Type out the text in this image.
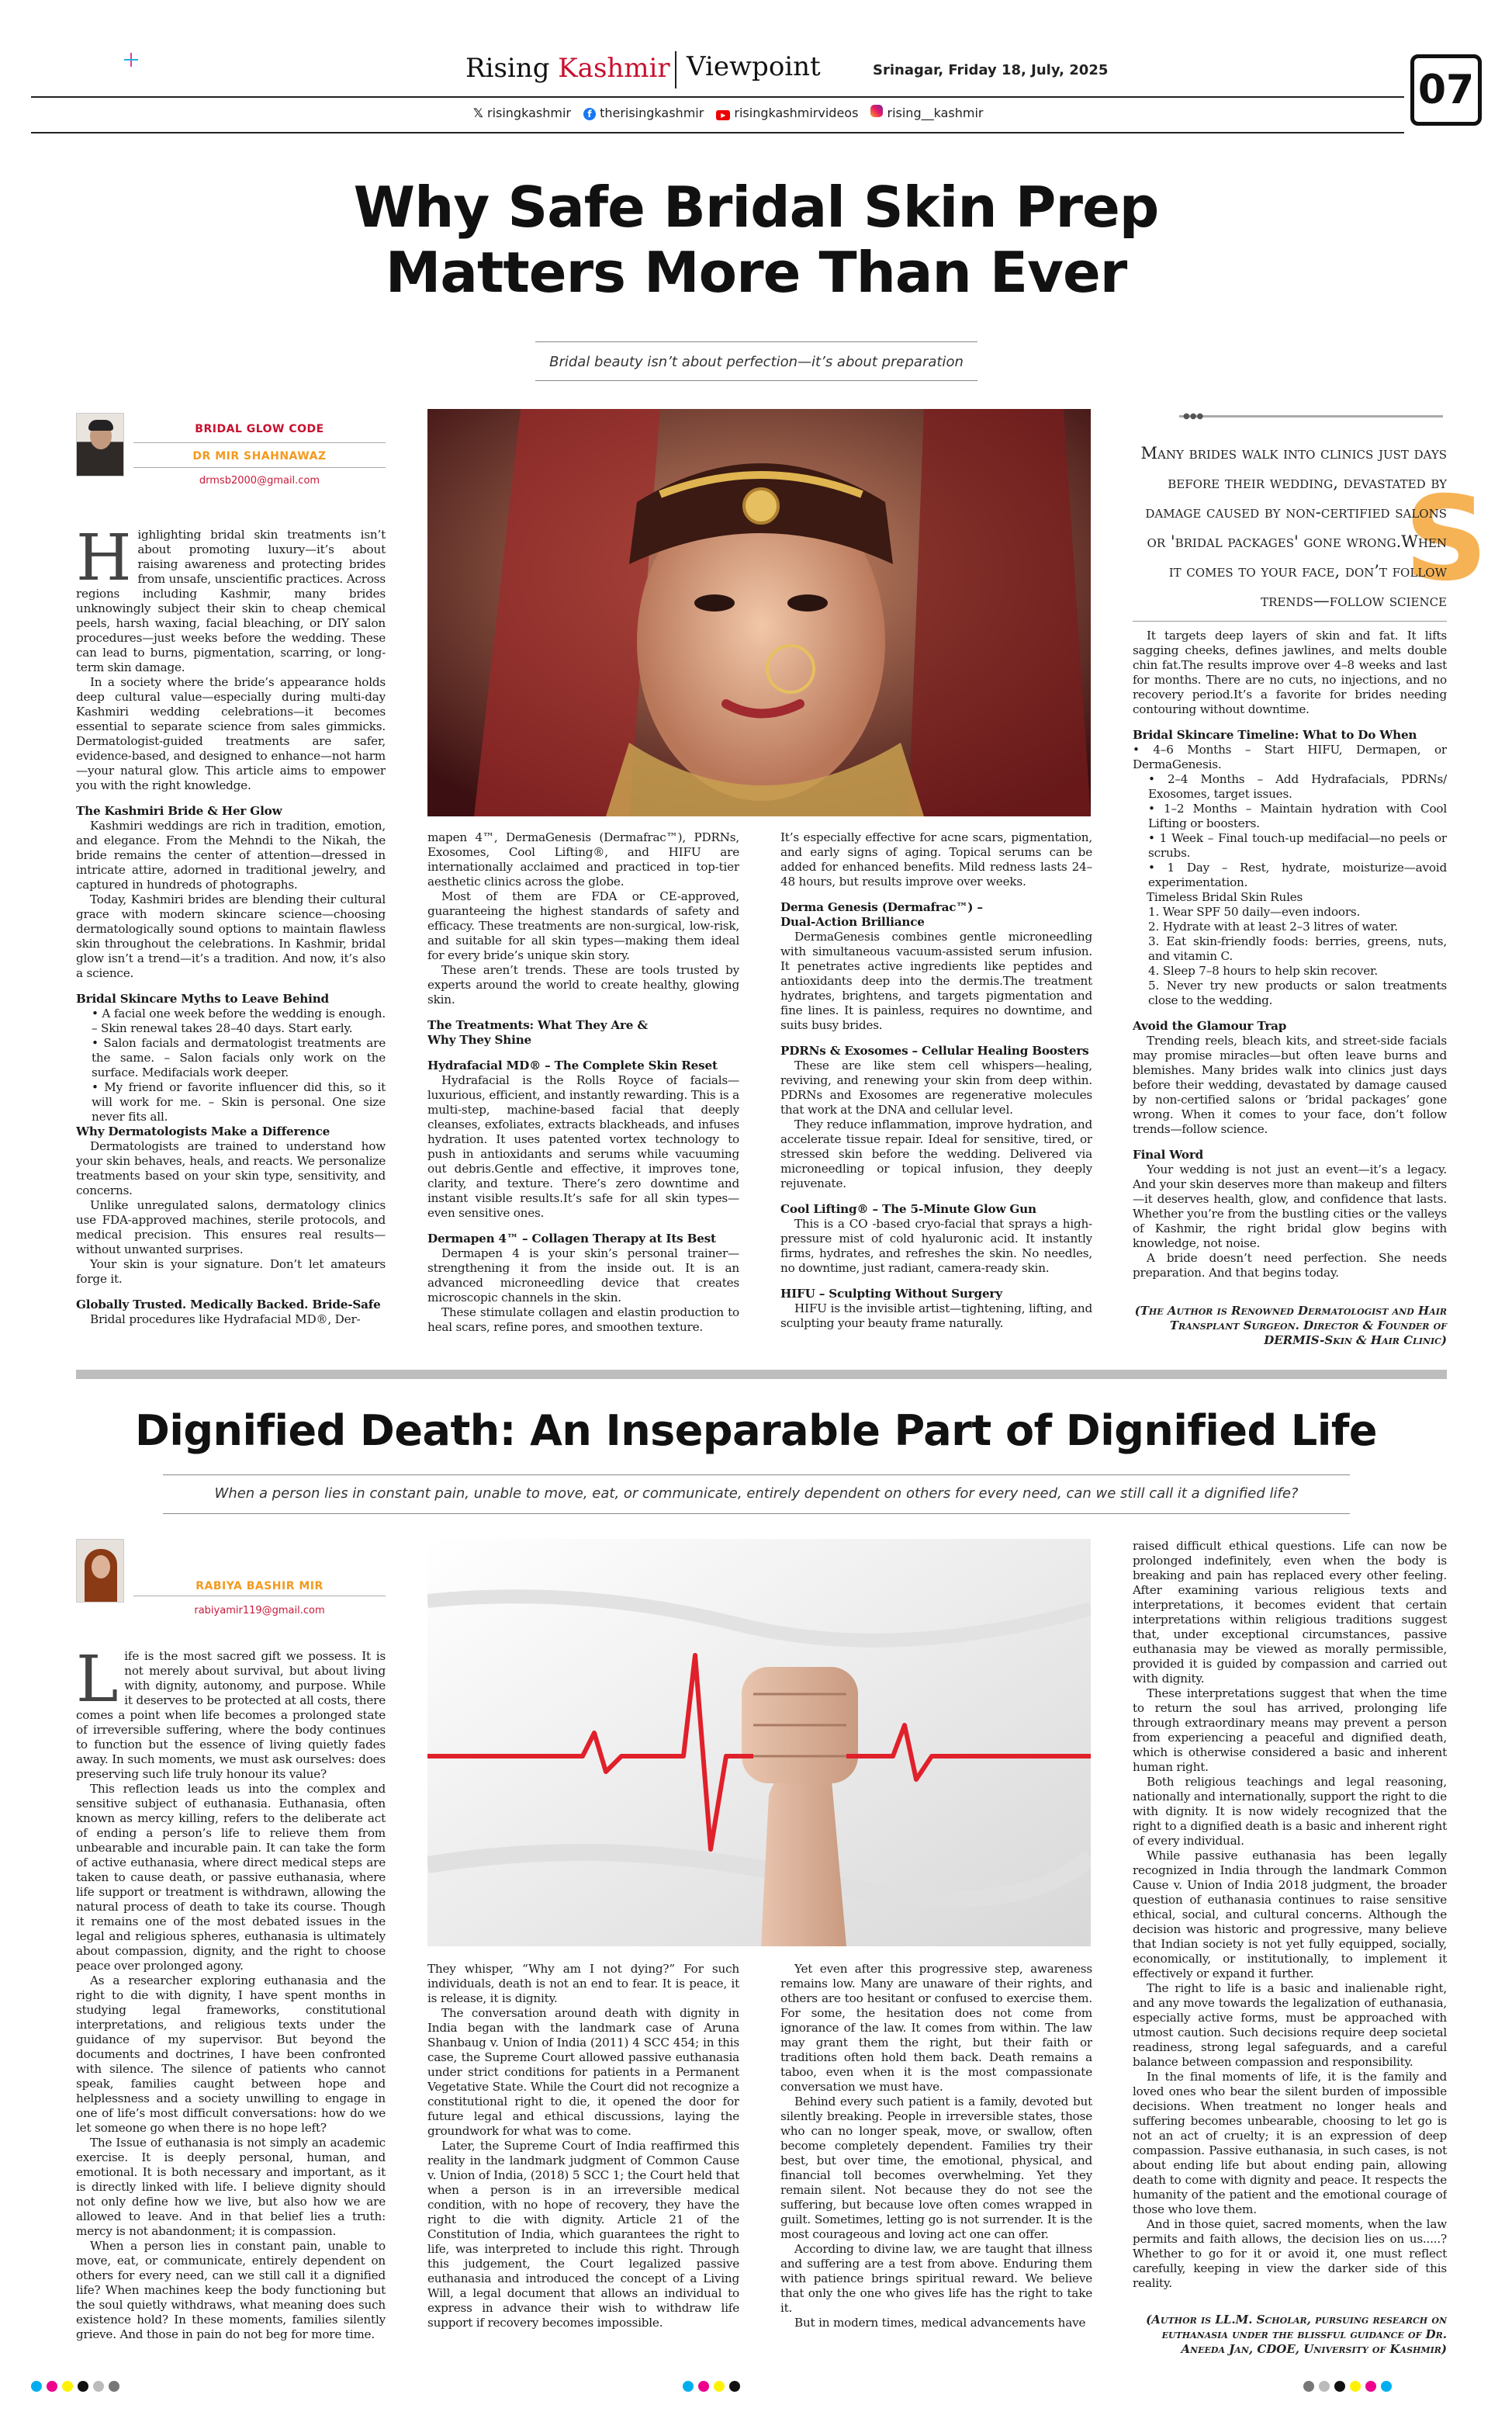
Rising Kashmir Viewpoint	Srinagar, Friday 18, July, 2025	07
𝕏 risingkashmir	f therisingkashmir	▶ risingkashmirvideos	rising__kashmir
Why Safe Bridal Skin Prep
Matters More Than Ever
Bridal beauty isn’t about perfection—it’s about preparation
BRIDAL GLOW CODE
DR MIR SHAHNAWAZ
drmsb2000@gmail.com

Highlighting bridal skin treatments isn’t about promoting luxury—it’s about raising awareness and protecting brides from unsafe, unscientific practices. Across regions including Kashmir, many brides unknowingly subject their skin to cheap chemical peels, harsh waxing, facial bleaching, or DIY salon procedures—just weeks before the wedding. These can lead to burns, pigmentation, scarring, or long-term skin damage.

In a society where the bride’s appearance holds deep cultural value—especially during multi-day Kashmiri wedding celebrations—it becomes essential to separate science from sales gimmicks. Dermatologist-guided treatments are safer, evidence-based, and designed to enhance—not harm—your natural glow. This article aims to empower you with the right knowledge.

The Kashmiri Bride & Her Glow

Kashmiri weddings are rich in tradition, emotion, and elegance. From the Mehndi to the Nikah, the bride remains the center of attention—dressed in intricate attire, adorned in traditional jewelry, and captured in hundreds of photographs.

Today, Kashmiri brides are blending their cultural grace with modern skincare science—choosing dermatologically sound options to maintain flawless skin throughout the celebrations. In Kashmir, bridal glow isn’t a trend—it’s a tradition. And now, it’s also a science.

Bridal Skincare Myths to Leave Behind

• A facial one week before the wedding is enough. – Skin renewal takes 28–40 days. Start early.

• Salon facials and dermatologist treatments are the same. – Salon facials only work on the surface. Medifacials work deeper.

• My friend or favorite influencer did this, so it will work for me. – Skin is personal. One size never fits all.

Why Dermatologists Make a Difference

Dermatologists are trained to understand how your skin behaves, heals, and reacts. We personalize treatments based on your skin type, sensitivity, and concerns.

Unlike unregulated salons, dermatology clinics use FDA-approved machines, sterile protocols, and medical precision. This ensures real results—without unwanted surprises.

Your skin is your signature. Don’t let amateurs forge it.

Globally Trusted. Medically Backed. Bride-Safe

Bridal procedures like Hydrafacial MD®, Der-

mapen 4™, DermaGenesis (Dermafrac™), PDRNs, Exosomes, Cool Lifting®, and HIFU are internationally acclaimed and practiced in top-tier aesthetic clinics across the globe.

Most of them are FDA or CE-approved, guaranteeing the highest standards of safety and efficacy. These treatments are non-surgical, low-risk, and suitable for all skin types—making them ideal for every bride’s unique skin story.

These aren’t trends. These are tools trusted by experts around the world to create healthy, glowing skin.

The Treatments: What They Are &

Why They Shine

Hydrafacial MD® – The Complete Skin Reset

Hydrafacial is the Rolls Royce of facials—luxurious, efficient, and instantly rewarding. This is a multi-step, machine-based facial that deeply cleanses, exfoliates, extracts blackheads, and infuses hydration. It uses patented vortex technology to push in antioxidants and serums while vacuuming out debris.Gentle and effective, it improves tone, clarity, and texture. There’s zero downtime and instant visible results.It’s safe for all skin types—even sensitive ones.

Dermapen 4™ – Collagen Therapy at Its Best

Dermapen 4 is your skin’s personal trainer—strengthening it from the inside out. It is an advanced microneedling device that creates microscopic channels in the skin.

These stimulate collagen and elastin production to heal scars, refine pores, and smoothen texture.

It’s especially effective for acne scars, pigmentation, and early signs of aging. Topical serums can be added for enhanced benefits. Mild redness lasts 24–48 hours, but results improve over weeks.

Derma Genesis (Dermafrac™) –

Dual-Action Brilliance

DermaGenesis combines gentle microneedling with simultaneous vacuum-assisted serum infusion. It penetrates active ingredients like peptides and antioxidants deep into the dermis.The treatment hydrates, brightens, and targets pigmentation and fine lines. It is painless, requires no downtime, and suits busy brides.

PDRNs & Exosomes – Cellular Healing Boosters

These are like stem cell whispers—healing, reviving, and renewing your skin from deep within. PDRNs and Exosomes are regenerative molecules that work at the DNA and cellular level.

They reduce inflammation, improve hydration, and accelerate tissue repair. Ideal for sensitive, tired, or stressed skin before the wedding. Delivered via microneedling or topical infusion, they deeply rejuvenate.

Cool Lifting® – The 5-Minute Glow Gun

This is a CO -based cryo-facial that sprays a high-pressure mist of cold hyaluronic acid. It instantly firms, hydrates, and refreshes the skin. No needles, no downtime, just radiant, camera-ready skin.

HIFU – Sculpting Without Surgery

HIFU is the invisible artist—tightening, lifting, and sculpting your beauty frame naturally.

●●●
S
Many brides walk into clinics just days before their wedding, devastated by damage caused by non-certified salons or 'bridal packages' gone wrong.When it comes to your face, don’t follow trends—follow science

It targets deep layers of skin and fat. It lifts sagging cheeks, defines jawlines, and melts double chin fat.The results improve over 4–8 weeks and last for months. There are no cuts, no injections, and no recovery period.It’s a favorite for brides needing contouring without downtime.

Bridal Skincare Timeline: What to Do When

• 4–6 Months – Start HIFU, Dermapen, or DermaGenesis.

• 2–4 Months – Add Hydrafacials, PDRNs/ Exosomes, target issues.

• 1–2 Months – Maintain hydration with Cool Lifting or boosters.

• 1 Week – Final touch-up medifacial—no peels or scrubs.

• 1 Day – Rest, hydrate, moisturize—avoid experimentation.

Timeless Bridal Skin Rules

1. Wear SPF 50 daily—even indoors.

2. Hydrate with at least 2–3 litres of water.

3. Eat skin-friendly foods: berries, greens, nuts, and vitamin C.

4. Sleep 7–8 hours to help skin recover.

5. Never try new products or salon treatments close to the wedding.

Avoid the Glamour Trap

Trending reels, bleach kits, and street-side facials may promise miracles—but often leave burns and blemishes. Many brides walk into clinics just days before their wedding, devastated by damage caused by non-certified salons or ‘bridal packages’ gone wrong. When it comes to your face, don’t follow trends—follow science.

Final Word

Your wedding is not just an event—it’s a legacy. And your skin deserves more than makeup and filters—it deserves health, glow, and confidence that lasts. Whether you’re from the bustling cities or the valleys of Kashmir, the right bridal glow begins with knowledge, not noise.

A bride doesn’t need perfection. She needs preparation. And that begins today.

(The Author is Renowned Dermatologist and Hair Transplant Surgeon. Director & Founder of DERMIS-Skin & Hair Clinic)
Dignified Death: An Inseparable Part of Dignified Life
When a person lies in constant pain, unable to move, eat, or communicate, entirely dependent on others for every need, can we still call it a dignified life?
RABIYA BASHIR MIR
rabiyamir119@gmail.com

Life is the most sacred gift we possess. It is not merely about survival, but about living with dignity, autonomy, and purpose. While it deserves to be protected at all costs, there comes a point when life becomes a prolonged state of irreversible suffering, where the body continues to function but the essence of living quietly fades away. In such moments, we must ask ourselves: does preserving such life truly honour its value?

This reflection leads us into the complex and sensitive subject of euthanasia. Euthanasia, often known as mercy killing, refers to the deliberate act of ending a person’s life to relieve them from unbearable and incurable pain. It can take the form of active euthanasia, where direct medical steps are taken to cause death, or passive euthanasia, where life support or treatment is withdrawn, allowing the natural process of death to take its course. Though it remains one of the most debated issues in the legal and religious spheres, euthanasia is ultimately about compassion, dignity, and the right to choose peace over prolonged agony.

As a researcher exploring euthanasia and the right to die with dignity, I have spent months in studying legal frameworks, constitutional interpretations, and religious texts under the guidance of my supervisor. But beyond the documents and doctrines, I have been confronted with silence. The silence of patients who cannot speak, families caught between hope and helplessness and a society unwilling to engage in one of life’s most difficult conversations: how do we let someone go when there is no hope left?

The Issue of euthanasia is not simply an academic exercise. It is deeply personal, human, and emotional. It is both necessary and important, as it is directly linked with life. I believe dignity should not only define how we live, but also how we are allowed to leave. And in that belief lies a truth: mercy is not abandonment; it is compassion.

When a person lies in constant pain, unable to move, eat, or communicate, entirely dependent on others for every need, can we still call it a dignified life? When machines keep the body functioning but the soul quietly withdraws, what meaning does such existence hold? In these moments, families silently grieve. And those in pain do not beg for more time.

They whisper, “Why am I not dying?” For such individuals, death is not an end to fear. It is peace, it is release, it is dignity.

The conversation around death with dignity in India began with the landmark case of Aruna Shanbaug v. Union of India (2011) 4 SCC 454; in this case, the Supreme Court allowed passive euthanasia under strict conditions for patients in a Permanent Vegetative State. While the Court did not recognize a constitutional right to die, it opened the door for future legal and ethical discussions, laying the groundwork for what was to come.

Later, the Supreme Court of India reaffirmed this reality in the landmark judgment of Common Cause v. Union of India, (2018) 5 SCC 1; the Court held that when a person is in an irreversible medical condition, with no hope of recovery, they have the right to die with dignity. Article 21 of the Constitution of India, which guarantees the right to life, was interpreted to include this right. Through this judgement, the Court legalized passive euthanasia and introduced the concept of a Living Will, a legal document that allows an individual to express in advance their wish to withdraw life support if recovery becomes impossible.

Yet even after this progressive step, awareness remains low. Many are unaware of their rights, and others are too hesitant or confused to exercise them. For some, the hesitation does not come from ignorance of the law. It comes from within. The law may grant them the right, but their faith or traditions often hold them back. Death remains a taboo, even when it is the most compassionate conversation we must have.

Behind every such patient is a family, devoted but silently breaking. People in irreversible states, those who can no longer speak, move, or swallow, often become completely dependent. Families try their best, but over time, the emotional, physical, and financial toll becomes overwhelming. Yet they remain silent. Not because they do not see the suffering, but because love often comes wrapped in guilt. Sometimes, letting go is not surrender. It is the most courageous and loving act one can offer.

According to divine law, we are taught that illness and suffering are a test from above. Enduring them with patience brings spiritual reward. We believe that only the one who gives life has the right to take it.

But in modern times, medical advancements have

raised difficult ethical questions. Life can now be prolonged indefinitely, even when the body is breaking and pain has replaced every other feeling. After examining various religious texts and interpretations, it becomes evident that certain interpretations within religious traditions suggest that, under exceptional circumstances, passive euthanasia may be viewed as morally permissible, provided it is guided by compassion and carried out with dignity.

These interpretations suggest that when the time to return the soul has arrived, prolonging life through extraordinary means may prevent a person from experiencing a peaceful and dignified death, which is otherwise considered a basic and inherent human right.

Both religious teachings and legal reasoning, nationally and internationally, support the right to die with dignity. It is now widely recognized that the right to a dignified death is a basic and inherent right of every individual.

While passive euthanasia has been legally recognized in India through the landmark Common Cause v. Union of India 2018 judgment, the broader question of euthanasia continues to raise sensitive ethical, social, and cultural concerns. Although the decision was historic and progressive, many believe that Indian society is not yet fully equipped, socially, economically, or institutionally, to implement it effectively or expand it further.

The right to life is a basic and inalienable right, and any move towards the legalization of euthanasia, especially active forms, must be approached with utmost caution. Such decisions require deep societal readiness, strong legal safeguards, and a careful balance between compassion and responsibility.

In the final moments of life, it is the family and loved ones who bear the silent burden of impossible decisions. When treatment no longer heals and suffering becomes unbearable, choosing to let go is not an act of cruelty; it is an expression of deep compassion. Passive euthanasia, in such cases, is not about ending life but about ending pain, allowing death to come with dignity and peace. It respects the humanity of the patient and the emotional courage of those who love them.

And in those quiet, sacred moments, when the law permits and faith allows, the decision lies on us.....? Whether to go for it or avoid it, one must reflect carefully, keeping in view the darker side of this reality.

(Author is LL.M. Scholar, pursuing research on euthanasia under the blissful guidance of Dr. Aneeda Jan, CDOE, University of Kashmir)
